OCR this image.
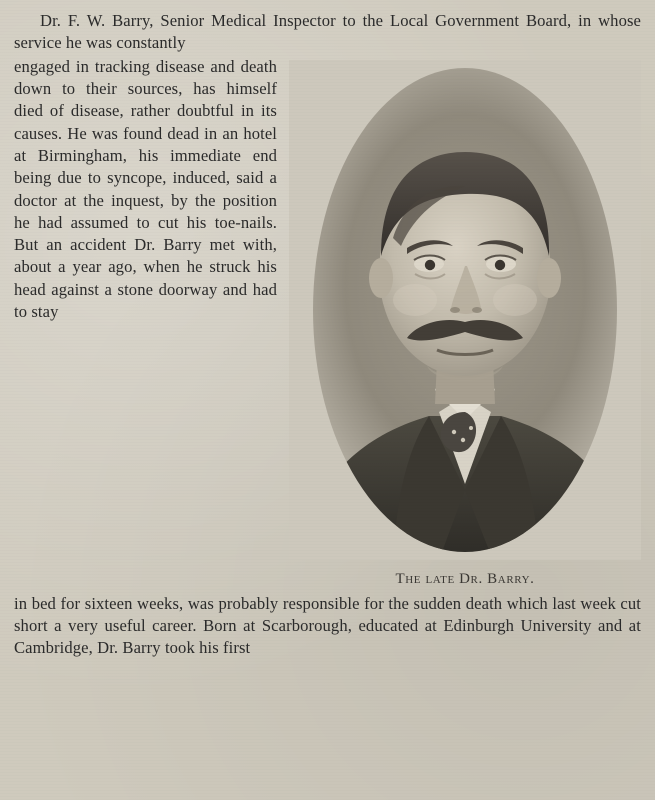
Dr. F. W. Barry, Senior Medical Inspector to the Local Government Board, in whose service he was constantly

The late Dr. Barry.

engaged in tracking disease and death down to their sources, has himself died of disease, rather doubtful in its causes. He was found dead in an hotel at Birmingham, his immediate end being due to syncope, induced, said a doctor at the inquest, by the position he had assumed to cut his toe-nails. But an accident Dr. Barry met with, about a year ago, when he struck his head against a stone doorway and had to stay

in bed for sixteen weeks, was probably responsible for the sudden death which last week cut short a very useful career. Born at Scarborough, educated at Edinburgh University and at Cambridge, Dr. Barry took his first
